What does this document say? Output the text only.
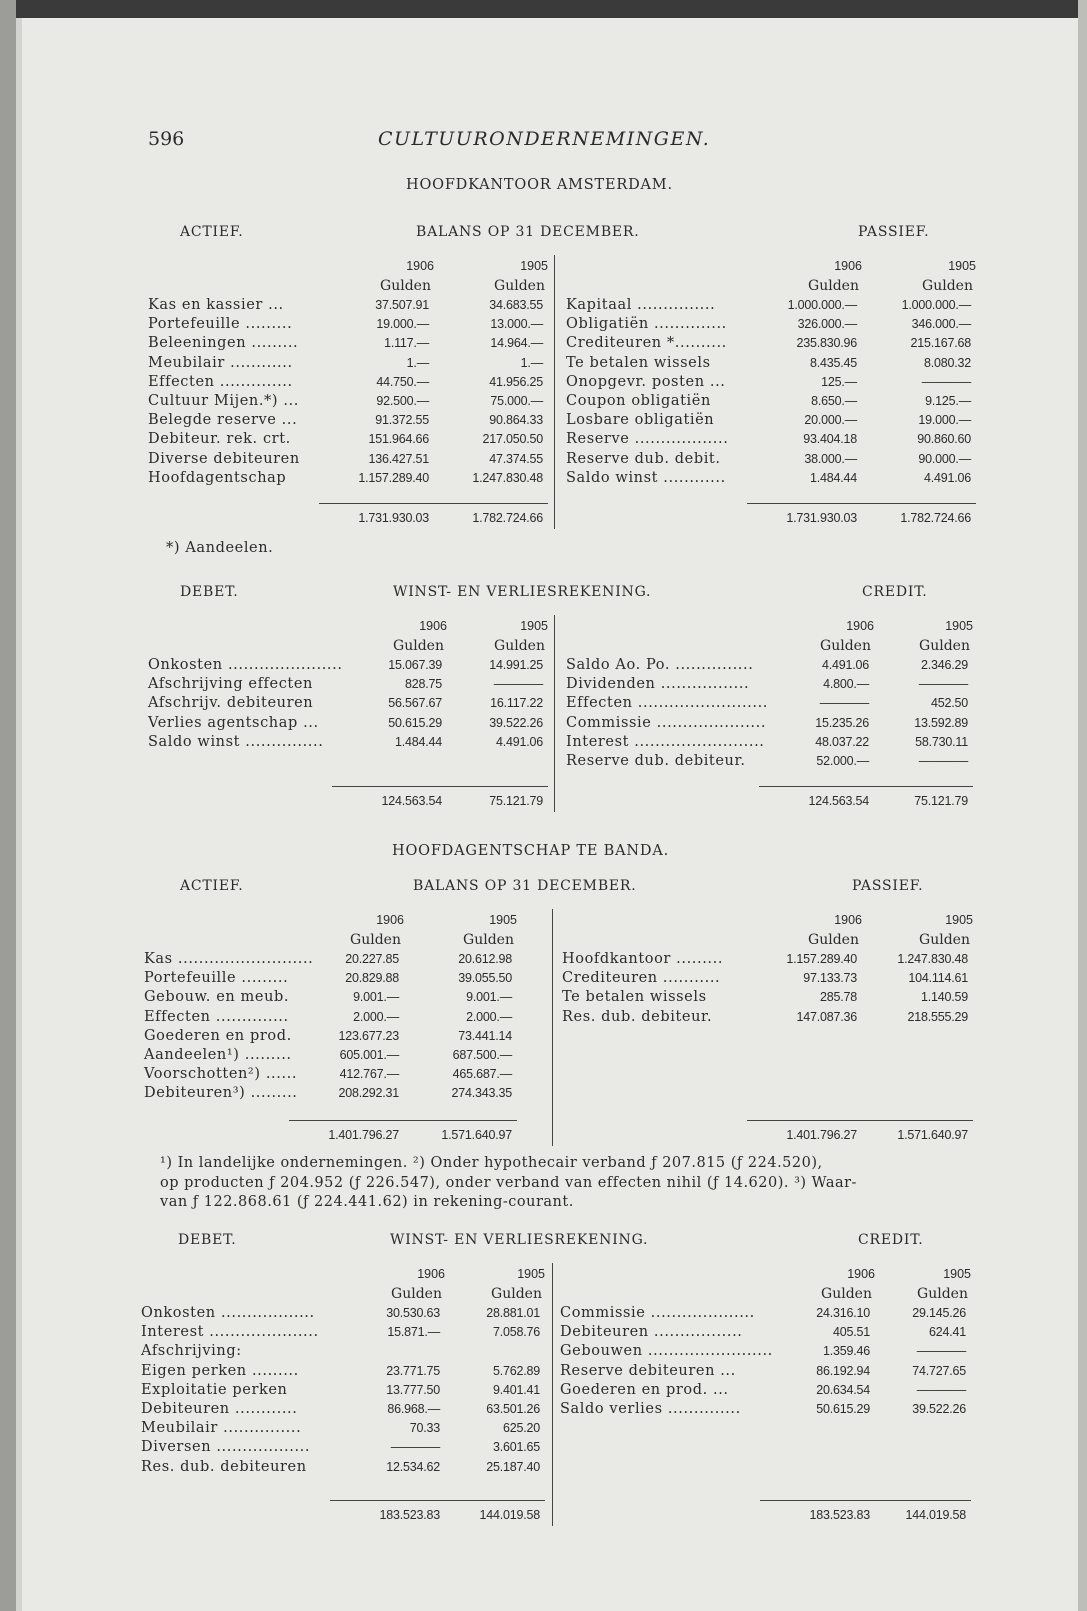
596	CULTUURONDERNEMINGEN.
HOOFDKANTOOR AMSTERDAM.
ACTIEF.	BALANS OP 31 DECEMBER.	PASSIEF.
1906	1905
Gulden	Gulden
1906	1905
Gulden	Gulden
Kas en kassier ...	37.507.91	34.683.55
Portefeuille .........	19.000.—	13.000.—
Beleeningen .........	1.117.—	14.964.—
Meubilair ............	1.—	1.—
Effecten ..............	44.750.—	41.956.25
Cultuur Mijen.*) ...	92.500.—	75.000.—
Belegde reserve ...	91.372.55	90.864.33
Debiteur. rek. crt.	151.964.66	217.050.50
Diverse debiteuren	136.427.51	47.374.55
Hoofdagentschap	1.157.289.40	1.247.830.48
Kapitaal ...............	1.000.000.—	1.000.000.—
Obligatiën ..............	326.000.—	346.000.—
Crediteuren *..........	235.830.96	215.167.68
Te betalen wissels	8.435.45	8.080.32
Onopgevr. posten ...	125.—	————
Coupon obligatiën	8.650.—	9.125.—
Losbare obligatiën	20.000.—	19.000.—
Reserve ..................	93.404.18	90.860.60
Reserve dub. debit.	38.000.—	90.000.—
Saldo winst ............	1.484.44	4.491.06
1.731.930.03	1.782.724.66	1.731.930.03	1.782.724.66
*) Aandeelen.
DEBET.	WINST- EN VERLIESREKENING.	CREDIT.
1906	1905
Gulden	Gulden
1906	1905
Gulden	Gulden
Onkosten ......................	15.067.39	14.991.25
Afschrijving effecten	828.75	————
Afschrijv. debiteuren	56.567.67	16.117.22
Verlies agentschap ...	50.615.29	39.522.26
Saldo winst ...............	1.484.44	4.491.06
Saldo Ao. Po. ...............	4.491.06	2.346.29
Dividenden .................	4.800.—	————
Effecten .........................	————	452.50
Commissie .....................	15.235.26	13.592.89
Interest .........................	48.037.22	58.730.11
Reserve dub. debiteur.	52.000.—	————
124.563.54	75.121.79	124.563.54	75.121.79
HOOFDAGENTSCHAP TE BANDA.
ACTIEF.	BALANS OP 31 DECEMBER.	PASSIEF.
1906	1905
Gulden	Gulden
1906	1905
Gulden	Gulden
Kas ..........................	20.227.85	20.612.98
Portefeuille .........	20.829.88	39.055.50
Gebouw. en meub.	9.001.—	9.001.—
Effecten ..............	2.000.—	2.000.—
Goederen en prod.	123.677.23	73.441.14
Aandeelen¹) .........	605.001.—	687.500.—
Voorschotten²) ......	412.767.—	465.687.—
Debiteuren³) .........	208.292.31	274.343.35
Hoofdkantoor .........	1.157.289.40	1.247.830.48
Crediteuren ...........	97.133.73	104.114.61
Te betalen wissels	285.78	1.140.59
Res. dub. debiteur.	147.087.36	218.555.29
1.401.796.27	1.571.640.97	1.401.796.27	1.571.640.97
¹) In landelijke ondernemingen. ²) Onder hypothecair verband ƒ 207.815 (ƒ 224.520),
op producten ƒ 204.952 (ƒ 226.547), onder verband van effecten nihil (ƒ 14.620). ³) Waar-
van ƒ 122.868.61 (ƒ 224.441.62) in rekening-courant.
DEBET.	WINST- EN VERLIESREKENING.	CREDIT.
1906	1905
Gulden	Gulden
1906	1905
Gulden	Gulden
Onkosten ..................	30.530.63	28.881.01
Interest .....................	15.871.—	7.058.76
Afschrijving:
Eigen perken .........	23.771.75	5.762.89
Exploitatie perken	13.777.50	9.401.41
Debiteuren ............	86.968.—	63.501.26
Meubilair ...............	70.33	625.20
Diversen ..................	————	3.601.65
Res. dub. debiteuren	12.534.62	25.187.40
Commissie ....................	24.316.10	29.145.26
Debiteuren .................	405.51	624.41
Gebouwen ........................	1.359.46	————
Reserve debiteuren ...	86.192.94	74.727.65
Goederen en prod. ...	20.634.54	————
Saldo verlies ..............	50.615.29	39.522.26
183.523.83	144.019.58	183.523.83	144.019.58
